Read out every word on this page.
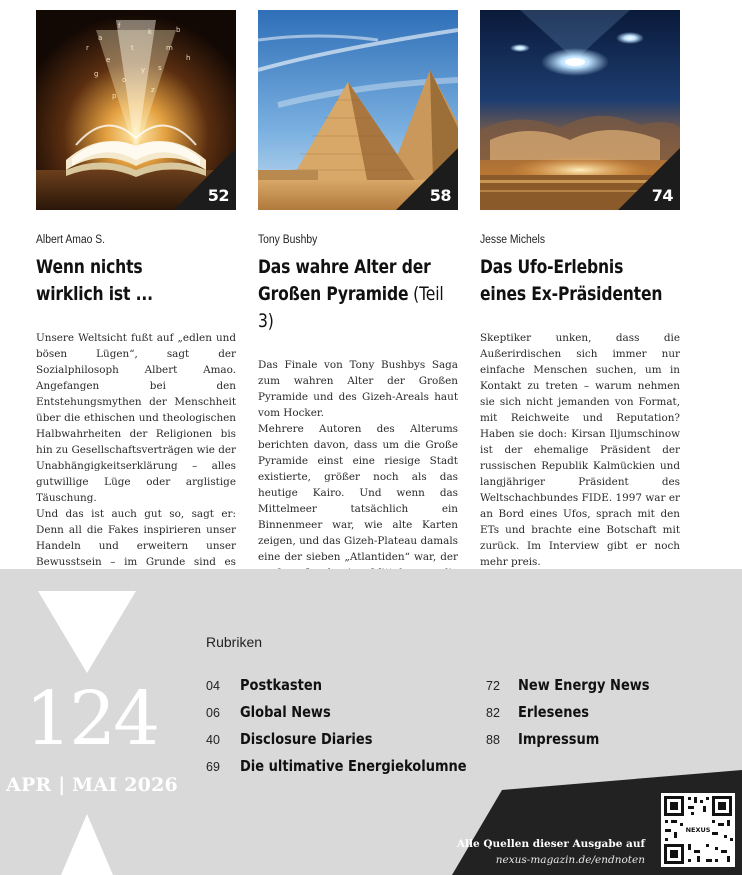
a
f
k
m
e
s
t
b
r
y
o
z
h
g
p
52
Albert Amao S.
Wenn nichts
wirklich ist ...

Unsere Weltsicht fußt auf „edlen und bösen Lügen“, sagt der Sozialphilosoph Albert Amao. Angefangen bei den Entstehungsmythen der Menschheit über die ethischen und theologischen Halbwahrheiten der Religionen bis hin zu Gesellschaftsverträgen wie der Unabhängigkeitserklärung – alles gutwillige Lüge oder arglistige Täuschung.

Und das ist auch gut so, sagt er: Denn all die Fakes inspirieren unser Handeln und erweitern unser Bewusstsein – im Grunde sind es

58
Tony Bushby
Das wahre Alter der
Großen Pyramide (Teil 3)

Das Finale von Tony Bushbys Saga zum wahren Alter der Großen Pyramide und des Gizeh-Areals haut vom Hocker.

Mehrere Autoren des Alterums berichten davon, dass um die Große Pyramide einst eine riesige Stadt existierte, größer noch als das heutige Kairo. Und wenn das Mittelmeer tatsächlich ein Binnenmeer war, wie alte Karten zeigen, und das Gizeh-Plateau damals eine der sieben „Atlantiden“ war, der

74
Jesse Michels
Das Ufo-Erlebnis
eines Ex-Präsidenten

Skeptiker unken, dass die Außerirdischen sich immer nur einfache Menschen suchen, um in Kontakt zu treten – warum nehmen sie sich nicht jemanden von Format, mit Reichweite und Reputation? Haben sie doch: Kirsan Iljumschinow ist der ehemalige Präsident der russischen Republik Kalmückien und langjähriger Präsident des Weltschachbundes FIDE. 1997 war er an Bord eines Ufos, sprach mit den ETs und brachte eine Botschaft mit zurück. Im Interview gibt er noch mehr preis.

124
APR | MAI 2026
Rubriken
04	Postkasten
06	Global News
40	Disclosure Diaries
69	Die ultimative Energiekolumne
72	New Energy News
82	Erlesenes
88	Impressum
Alle Quellen dieser Ausgabe auf
nexus-magazin.de/endnoten
NEXUS
